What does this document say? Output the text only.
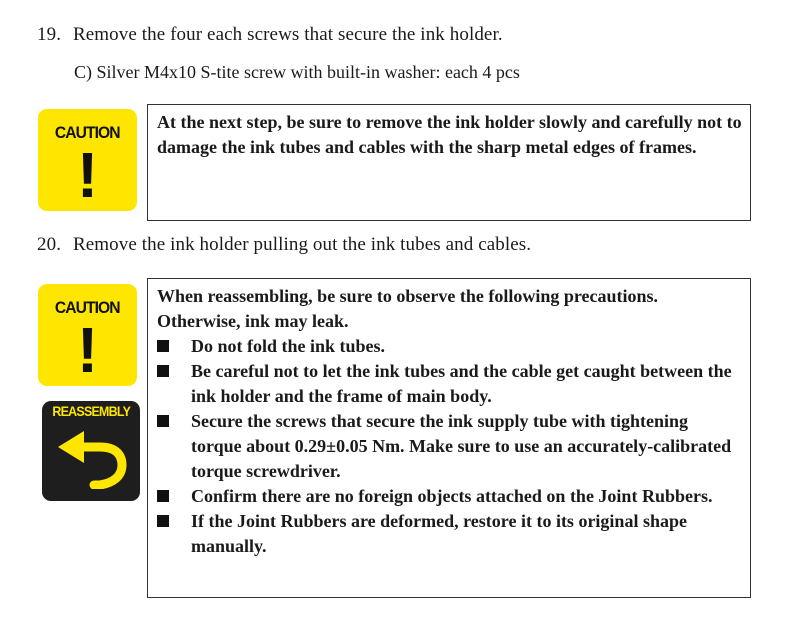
19. Remove the four each screws that secure the ink holder.
C) Silver M4x10 S-tite screw with built-in washer: each 4 pcs
CAUTION
!
At the next step, be sure to remove the ink holder slowly and carefully not to damage the ink tubes and cables with the sharp metal edges of frames.
20. Remove the ink holder pulling out the ink tubes and cables.
CAUTION
!
REASSEMBLY
When reassembling, be sure to observe the following precautions. Otherwise, ink may leak.
Do not fold the ink tubes.
Be careful not to let the ink tubes and the cable get caught between the ink holder and the frame of main body.
Secure the screws that secure the ink supply tube with tightening torque about 0.29±0.05 Nm. Make sure to use an accurately-calibrated torque screwdriver.
Confirm there are no foreign objects attached on the Joint Rubbers.
If the Joint Rubbers are deformed, restore it to its original shape manually.
